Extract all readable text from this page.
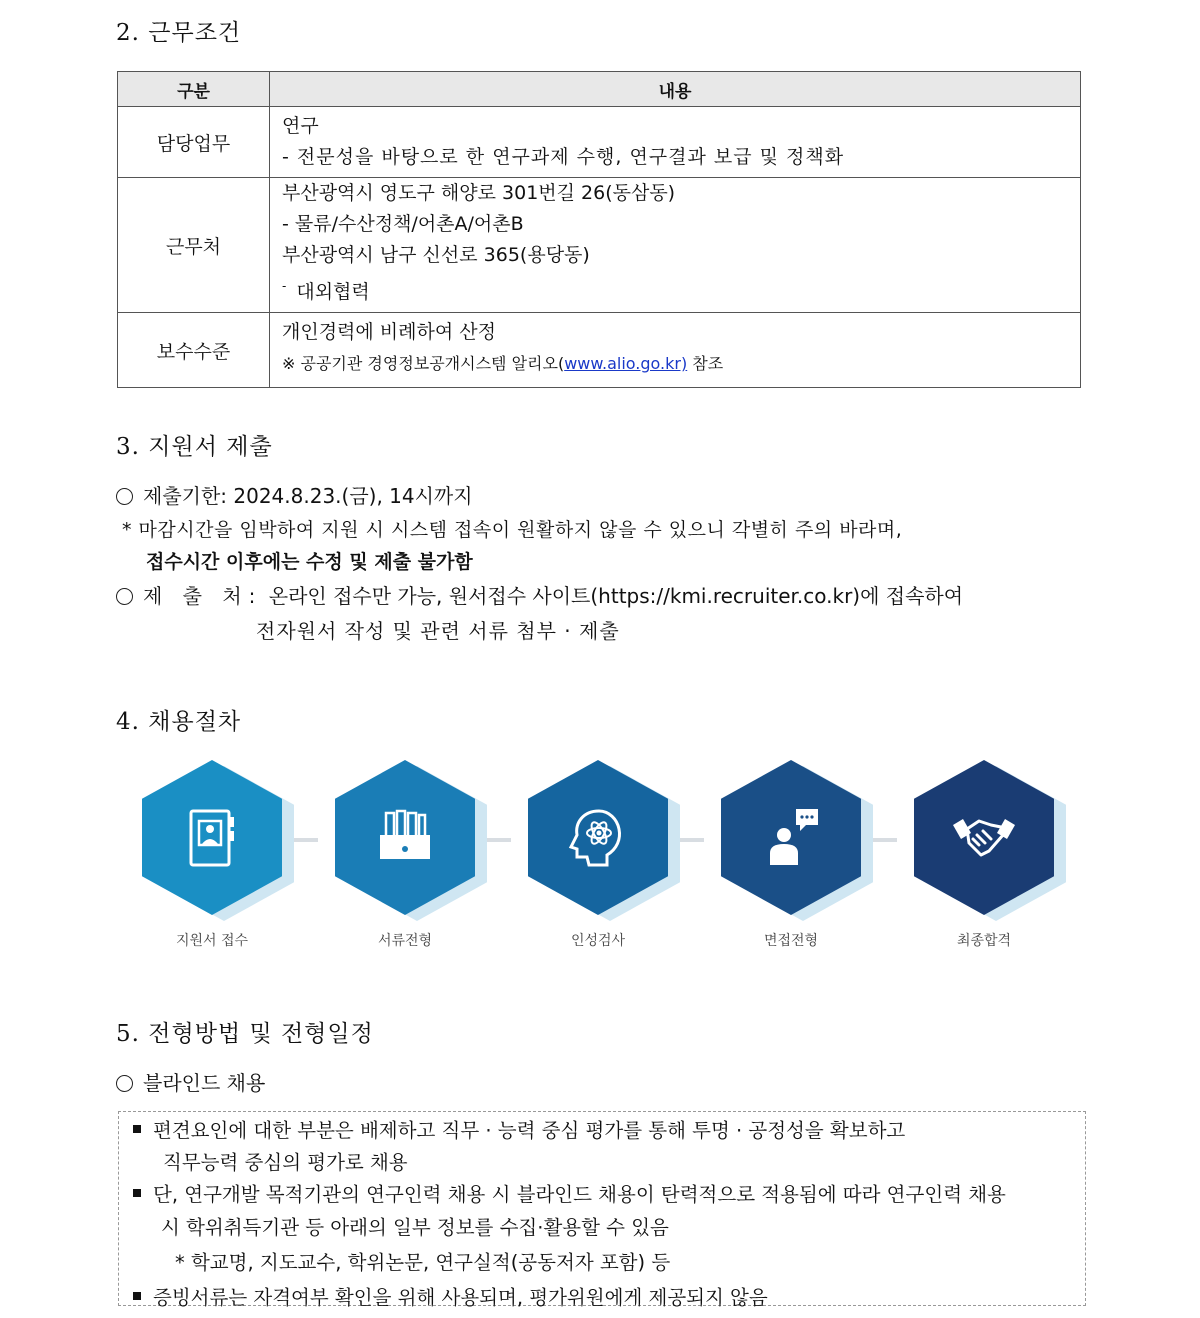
2. 근무조건
구분	내용
담당업무	연구
- 전문성을 바탕으로 한 연구과제 수행, 연구결과 보급 및 정책화

근무처	부산광역시 영도구 해양로 301번길 26(동삼동)
- 물류/수산정책/어촌A/어촌B
부산광역시 남구 신선로 365(용당동)
- 대외협력

보수수준	개인경력에 비례하여 산정
※ 공공기관 경영정보공개시스템 알리오(www.alio.go.kr) 참조
3. 지원서 제출
제출기한: 2024.8.23.(금), 14시까지
* 마감시간을 임박하여 지원 시 시스템 접속이 원활하지 않을 수 있으니 각별히 주의 바라며,
접수시간 이후에는 수정 및 제출 불가함
제 출 처: 온라인 접수만 가능, 원서접수 사이트(https://kmi.recruiter.co.kr)에 접속하여
전자원서 작성 및 관련 서류 첨부 · 제출
4. 채용절차
지원서 접수	서류전형	인성검사	면접전형	최종합격
5. 전형방법 및 전형일정
블라인드 채용
편견요인에 대한 부분은 배제하고 직무 · 능력 중심 평가를 통해 투명 · 공정성을 확보하고
직무능력 중심의 평가로 채용
단, 연구개발 목적기관의 연구인력 채용 시 블라인드 채용이 탄력적으로 적용됨에 따라 연구인력 채용
시 학위취득기관 등 아래의 일부 정보를 수집·활용할 수 있음
* 학교명, 지도교수, 학위논문, 연구실적(공동저자 포함) 등
증빙서류는 자격여부 확인을 위해 사용되며, 평가위원에게 제공되지 않음
